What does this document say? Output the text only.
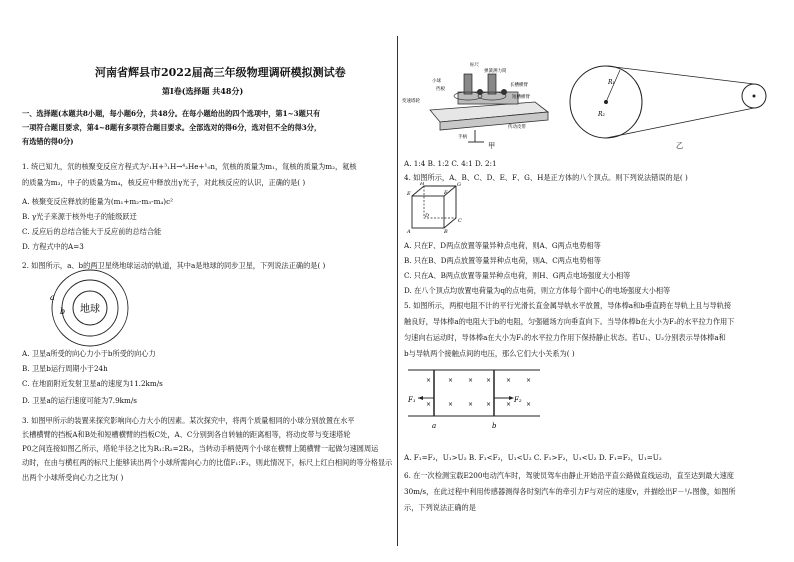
河南省辉县市2022届高三年级物理调研模拟测试卷
第Ⅰ卷(选择题 共48分)
一、选择题(本题共8小题，每小题6分，共48分。在每小题给出的四个选项中，第1~3题只有
一项符合题目要求，第4~8题有多项符合题目要求。全部选对的得6分，选对但不全的得3分，
有选错的得0分)
1. 统已知九，氘的核聚变反应方程式为²₁H+³₁H→⁴₂He+¹₀n，氘核的质量为m₁，氚核的质量为m₂，氦核
的质量为m₃，中子的质量为m₄，核反应中释放出γ光子，对此核反应的认识，正确的是( )
A. 核聚变反应释放的能量为(m₁+m₂-m₃-m₄)c²
B. γ光子来源于核外电子的能级跃迁
C. 反应后的总结合能大于反应前的总结合能
D. 方程式中的A=3
2. 如图所示，a、b的两卫星绕地球运动的轨道，其中a是地球的同步卫星，下列说法正确的是( )
地球
a
b
A. 卫星a所受的向心力小于b所受的向心力
B. 卫星b运行周期小于24h
C. 在地面附近发射卫星a的速度为11.2km/s
D. 卫星a的运行速度可能为7.9km/s
3. 如图甲所示的装置来探究影响向心力大小的因素。某次探究中，将两个质量相同的小球分别放置在水平
长槽横臂的挡板A和B处和短槽横臂的挡板C处，A、C分别到各自转轴的距离相等，将动皮带与变速塔轮
P0之间连接如图乙所示，塔轮半径之比为R₁:R₂=2R₃，当转动手柄使两个小球在横臂上随横臂一起做匀速圆周运
动时，在由与横杠两的标尺上能够读出两个小球所需向心力的比值F₁:F₂，则此情况下，标尺上红白相间的等分格显示
出两个小球所受向心力之比为( )
标尺
弹簧测力筒
小球
挡板
长槽横臂
变速塔轮
短槽横臂
手柄
传动皮带
甲
R₁
R₂
乙
A. 1:4 B. 1:2 C. 4:1 D. 2:1
4. 如图所示，A、B、C、D、E、F、G、H是正方体的八个顶点。则下列说法错误的是( )
E	F
H	G
A	B
D
C
A. 只在F、D两点放置等量异种点电荷，则A、G两点电势相等
B. 只在B、D两点放置等量异种点电荷，则A、C两点电势相等
C. 只在A、B两点放置等量异种点电荷，则H、G两点电场强度大小相等
D. 在八个顶点均放置电荷量为q的点电荷，则立方体每个面中心的电场强度大小相等
5. 如图所示，两根电阻不计的平行光滑长直金属导轨水平放置，导体棒a和b垂直跨在导轨上且与导轨接
触良好，导体棒a的电阻大于b的电阻，匀强磁场方向垂直向下。当导体棒b在大小为F₂的水平拉力作用下
匀速向右运动时，导体棒a在大小为F₁的水平拉力作用下保持静止状态。若U₁、U₂分别表示导体棒a和
b与导轨两个接触点间的电压，那么它们大小关系为( )
F₁	F₂
a	b
×	× × × × ×
×	× × × × ×
A. F₁=F₂，U₁>U₂ B. F₁<F₂，U₁<U₂ C. F₁>F₂，U₁<U₂ D. F₁=F₂，U₁=U₂
6. 在一次检测宝载E200电动汽车时，驾驶员驾车由静止开始沿平直公路做直线运动，直至达到最大速度
30m/s，在此过程中利用传感器测得各时刻汽车的牵引力F与对应的速度v，并描绘出F－¹/ᵥ图像，如图所
示，下列说法正确的是
